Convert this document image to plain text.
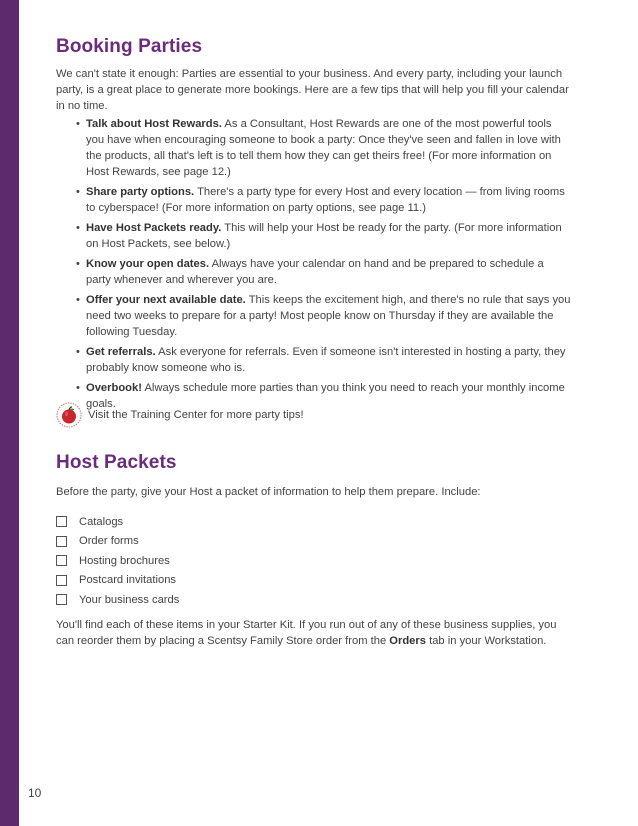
10
Booking Parties

We can't state it enough: Parties are essential to your business. And every party, including your launch party, is a great place to generate more bookings. Here are a few tips that will help you fill your calendar in no time.

• Talk about Host Rewards. As a Consultant, Host Rewards are one of the most powerful tools you have when encouraging someone to book a party: Once they've seen and fallen in love with the products, all that's left is to tell them how they can get theirs free! (For more information on Host Rewards, see page 12.)
• Share party options. There's a party type for every Host and every location — from living rooms to cyberspace! (For more information on party options, see page 11.)
• Have Host Packets ready. This will help your Host be ready for the party. (For more information on Host Packets, see below.)
• Know your open dates. Always have your calendar on hand and be prepared to schedule a party whenever and wherever you are.
• Offer your next available date. This keeps the excitement high, and there's no rule that says you need two weeks to prepare for a party! Most people know on Thursday if they are available the following Tuesday.
• Get referrals. Ask everyone for referrals. Even if someone isn't interested in hosting a party, they probably know someone who is.
• Overbook! Always schedule more parties than you think you need to reach your monthly income goals.
Visit the Training Center for more party tips!
Host Packets

Before the party, give your Host a packet of information to help them prepare. Include:

Catalogs
Order forms
Hosting brochures
Postcard invitations
Your business cards

You'll find each of these items in your Starter Kit. If you run out of any of these business supplies, you can reorder them by placing a Scentsy Family Store order from the Orders tab in your Workstation.
